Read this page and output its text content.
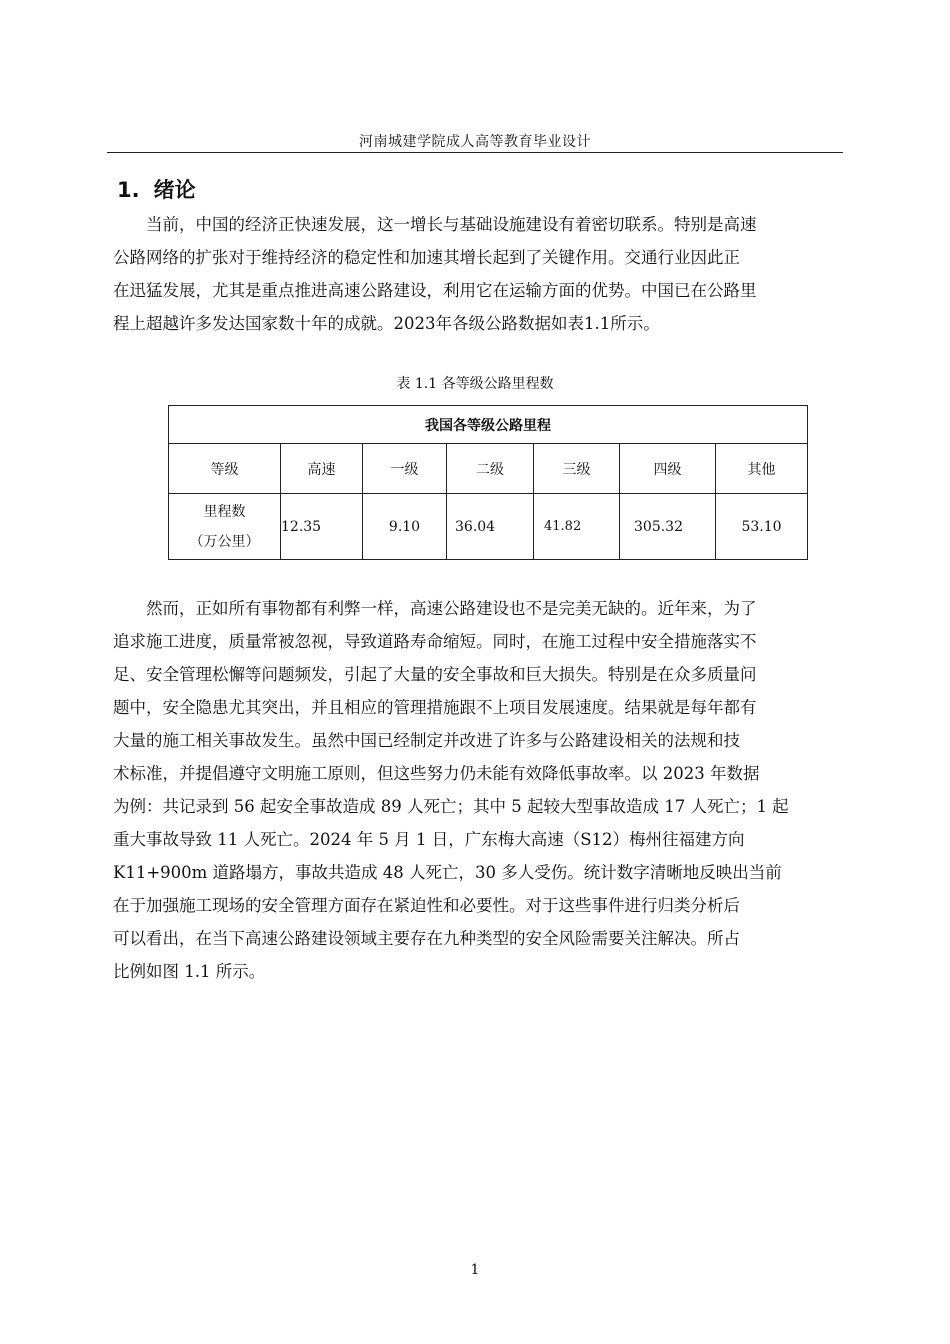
河南城建学院成人高等教育毕业设计
1. 绪论
　　当前，中国的经济正快速发展，这一增长与基础设施建设有着密切联系。特别是高速
公路网络的扩张对于维持经济的稳定性和加速其增长起到了关键作用。交通行业因此正
在迅猛发展，尤其是重点推进高速公路建设，利用它在运输方面的优势。中国已在公路里
程上超越许多发达国家数十年的成就。2023年各级公路数据如表1.1所示。
表 1.1 各等级公路里程数
我国各等级公路里程						
等级	高速	一级	二级	三级	四级	其他

里程数
（万公里）	12.35	9.10	36.04	41.82	305.32	53.10
　　然而，正如所有事物都有利弊一样，高速公路建设也不是完美无缺的。近年来，为了
追求施工进度，质量常被忽视，导致道路寿命缩短。同时，在施工过程中安全措施落实不
足、安全管理松懈等问题频发，引起了大量的安全事故和巨大损失。特别是在众多质量问
题中，安全隐患尤其突出，并且相应的管理措施跟不上项目发展速度。结果就是每年都有
大量的施工相关事故发生。虽然中国已经制定并改进了许多与公路建设相关的法规和技
术标准，并提倡遵守文明施工原则，但这些努力仍未能有效降低事故率。以 2023 年数据
为例：共记录到 56 起安全事故造成 89 人死亡；其中 5 起较大型事故造成 17 人死亡；1 起
重大事故导致 11 人死亡。2024 年 5 月 1 日，广东梅大高速（S12）梅州往福建方向
K11+900m 道路塌方，事故共造成 48 人死亡，30 多人受伤。统计数字清晰地反映出当前
在于加强施工现场的安全管理方面存在紧迫性和必要性。对于这些事件进行归类分析后
可以看出，在当下高速公路建设领域主要存在九种类型的安全风险需要关注解决。所占
比例如图 1.1 所示。
1
